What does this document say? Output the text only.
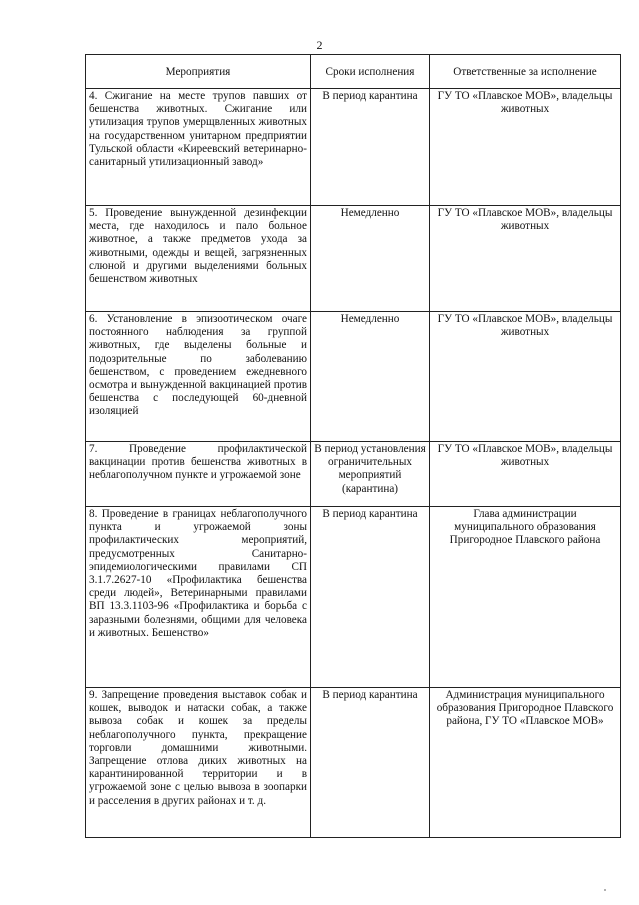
2
Мероприятия	Сроки исполнения	Ответственные за исполнение
4. Сжигание на месте трупов павших от бешенства животных. Сжигание или утилизация трупов умерщвленных животных на государственном унитарном предприятии Тульской области «Киреевский ветеринарно-санитарный утилизационный завод»	В период карантина	ГУ ТО «Плавское МОВ», владельцы животных
5. Проведение вынужденной дезинфекции места, где находилось и пало больное животное, а также предметов ухода за животными, одежды и вещей, загрязненных слюной и другими выделениями больных бешенством животных	Немедленно	ГУ ТО «Плавское МОВ», владельцы животных
6. Установление в эпизоотическом очаге постоянного наблюдения за группой животных, где выделены больные и подозрительные по заболеванию бешенством, с проведением ежедневного осмотра и вынужденной вакцинацией против бешенства с последующей 60-дневной изоляцией	Немедленно	ГУ ТО «Плавское МОВ», владельцы животных
7. Проведение профилактической вакцинации против бешенства животных в неблагополучном пункте и угрожаемой зоне	В период установления ограничительных мероприятий (карантина)	ГУ ТО «Плавское МОВ», владельцы животных
8. Проведение в границах неблагополучного пункта и угрожаемой зоны профилактических мероприятий, предусмотренных Санитарно-эпидемиологическими правилами СП 3.1.7.2627-10 «Профилактика бешенства среди людей», Ветеринарными правилами ВП 13.3.1103-96 «Профилактика и борьба с заразными болезнями, общими для человека и животных. Бешенство»	В период карантина	Глава администрации муниципального образования Пригородное Плавского района
9. Запрещение проведения выставок собак и кошек, выводок и натаски собак, а также вывоза собак и кошек за пределы неблагополучного пункта, прекращение торговли домашними животными. Запрещение отлова диких животных на карантинированной территории и в угрожаемой зоне с целью вывоза в зоопарки и расселения в других районах и т. д.	В период карантина	Администрация муниципального образования Пригородное Плавского района, ГУ ТО «Плавское МОВ»
